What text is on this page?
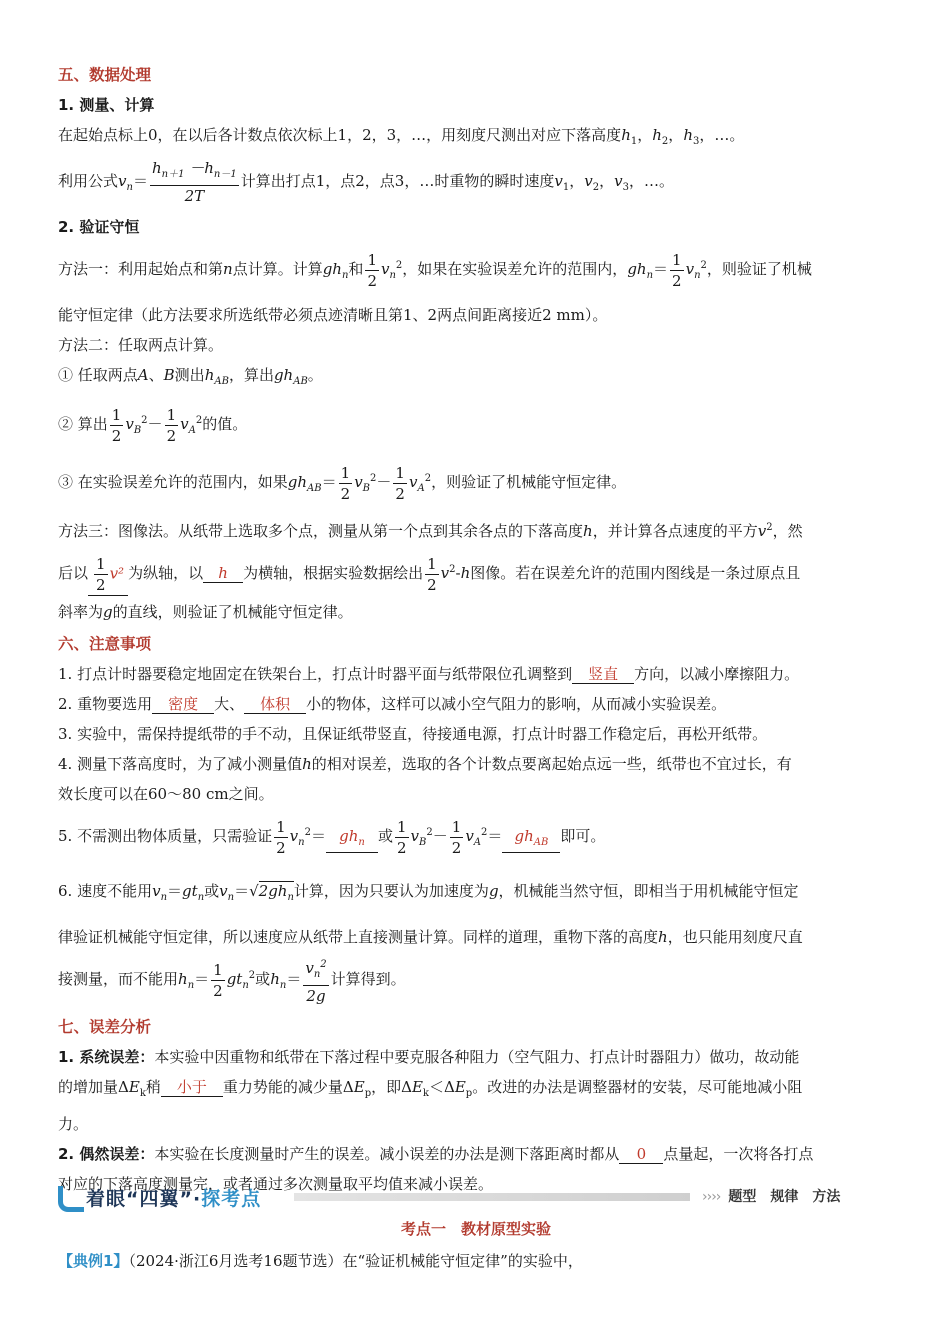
五、数据处理

1. 测量、计算

在起始点标上0，在以后各计数点依次标上1，2，3，…，用刻度尺测出对应下落高度$h_1$，$h_2$，$h_3$，…。

利用公式$v_n= \frac{h_{n+1} -h_{n-1}}{2T}$ 计算出打点1，点2，点3，…时重物的瞬时速度$v_1$，$v_2$，$v_3$，…。

2. 验证守恒

方法一：利用起始点和第n点计算。计算$gh_n$和 $\frac{1}{2} v_n^2$，如果在实验误差允许的范围内，$gh_n= \frac{1}{2} v_n^2$，则验证了机械

能守恒定律（此方法要求所选纸带必须点迹清晰且第1、2两点间距离接近2 mm）。

方法二：任取两点计算。

① 任取两点A、B测出$h_{AB}$，算出$gh_{AB}$。

② 算出 $\frac{1}{2} v_B^2- \frac{1}{2} v_A^2$的值。

③ 在实验误差允许的范围内，如果$gh_{AB}= \frac{1}{2} v_B^2- \frac{1}{2} v_A^2$，则验证了机械能守恒定律。

方法三：图像法。从纸带上选取多个点，测量从第一个点到其余各点的下落高度h，并计算各点速度的平方$v^2$，然

后以 $\frac{1}{2} v^2$ 为纵轴，以 h 为横轴，根据实验数据绘出 $\frac{1}{2} v^2-h$图像。若在误差允许的范围内图线是一条过原点且

斜率为g的直线，则验证了机械能守恒定律。

六、注意事项

1. 打点计时器要稳定地固定在铁架台上，打点计时器平面与纸带限位孔调整到 竖直 方向，以减小摩擦阻力。

2. 重物要选用 密度 大、 体积 小的物体，这样可以减小空气阻力的影响，从而减小实验误差。

3. 实验中，需保持提纸带的手不动，且保证纸带竖直，待接通电源，打点计时器工作稳定后，再松开纸带。

4. 测量下落高度时，为了减小测量值h的相对误差，选取的各个计数点要离起始点远一些，纸带也不宜过长，有

效长度可以在60～80 cm之间。

5. 不需测出物体质量，只需验证 $\frac{1}{2} v_n^2= gh_n$ 或 $\frac{1}{2} v_B^2- \frac{1}{2} v_A^2= gh_{AB}$ 即可。

6. 速度不能用$v_n=gt_n$或$v_n=√2gh_n$计算，因为只要认为加速度为g，机械能当然守恒，即相当于用机械能守恒定

律验证机械能守恒定律，所以速度应从纸带上直接测量计算。同样的道理，重物下落的高度h，也只能用刻度尺直

接测量，而不能用$h_n= \frac{1}{2} gt_n^2$或$h_n= \frac{v_n^2}{2g}$ 计算得到。

七、误差分析

1. 系统误差：本实验中因重物和纸带在下落过程中要克服各种阻力（空气阻力、打点计时器阻力）做功，故动能

的增加量$\Delta E_k$稍 小于 重力势能的减少量$\Delta E_p$，即$\Delta E_k<\Delta E_p$。改进的办法是调整器材的安装，尽可能地减小阻

力。

2. 偶然误差：本实验在长度测量时产生的误差。减小误差的办法是测下落距离时都从 0 点量起，一次将各打点

对应的下落高度测量完，或者通过多次测量取平均值来减小误差。

着眼“四翼”·探考点	›››› 题型　规律　方法
考点一　教材原型实验
【典例1】（2024·浙江6月选考16题节选）在“验证机械能守恒定律”的实验中，
